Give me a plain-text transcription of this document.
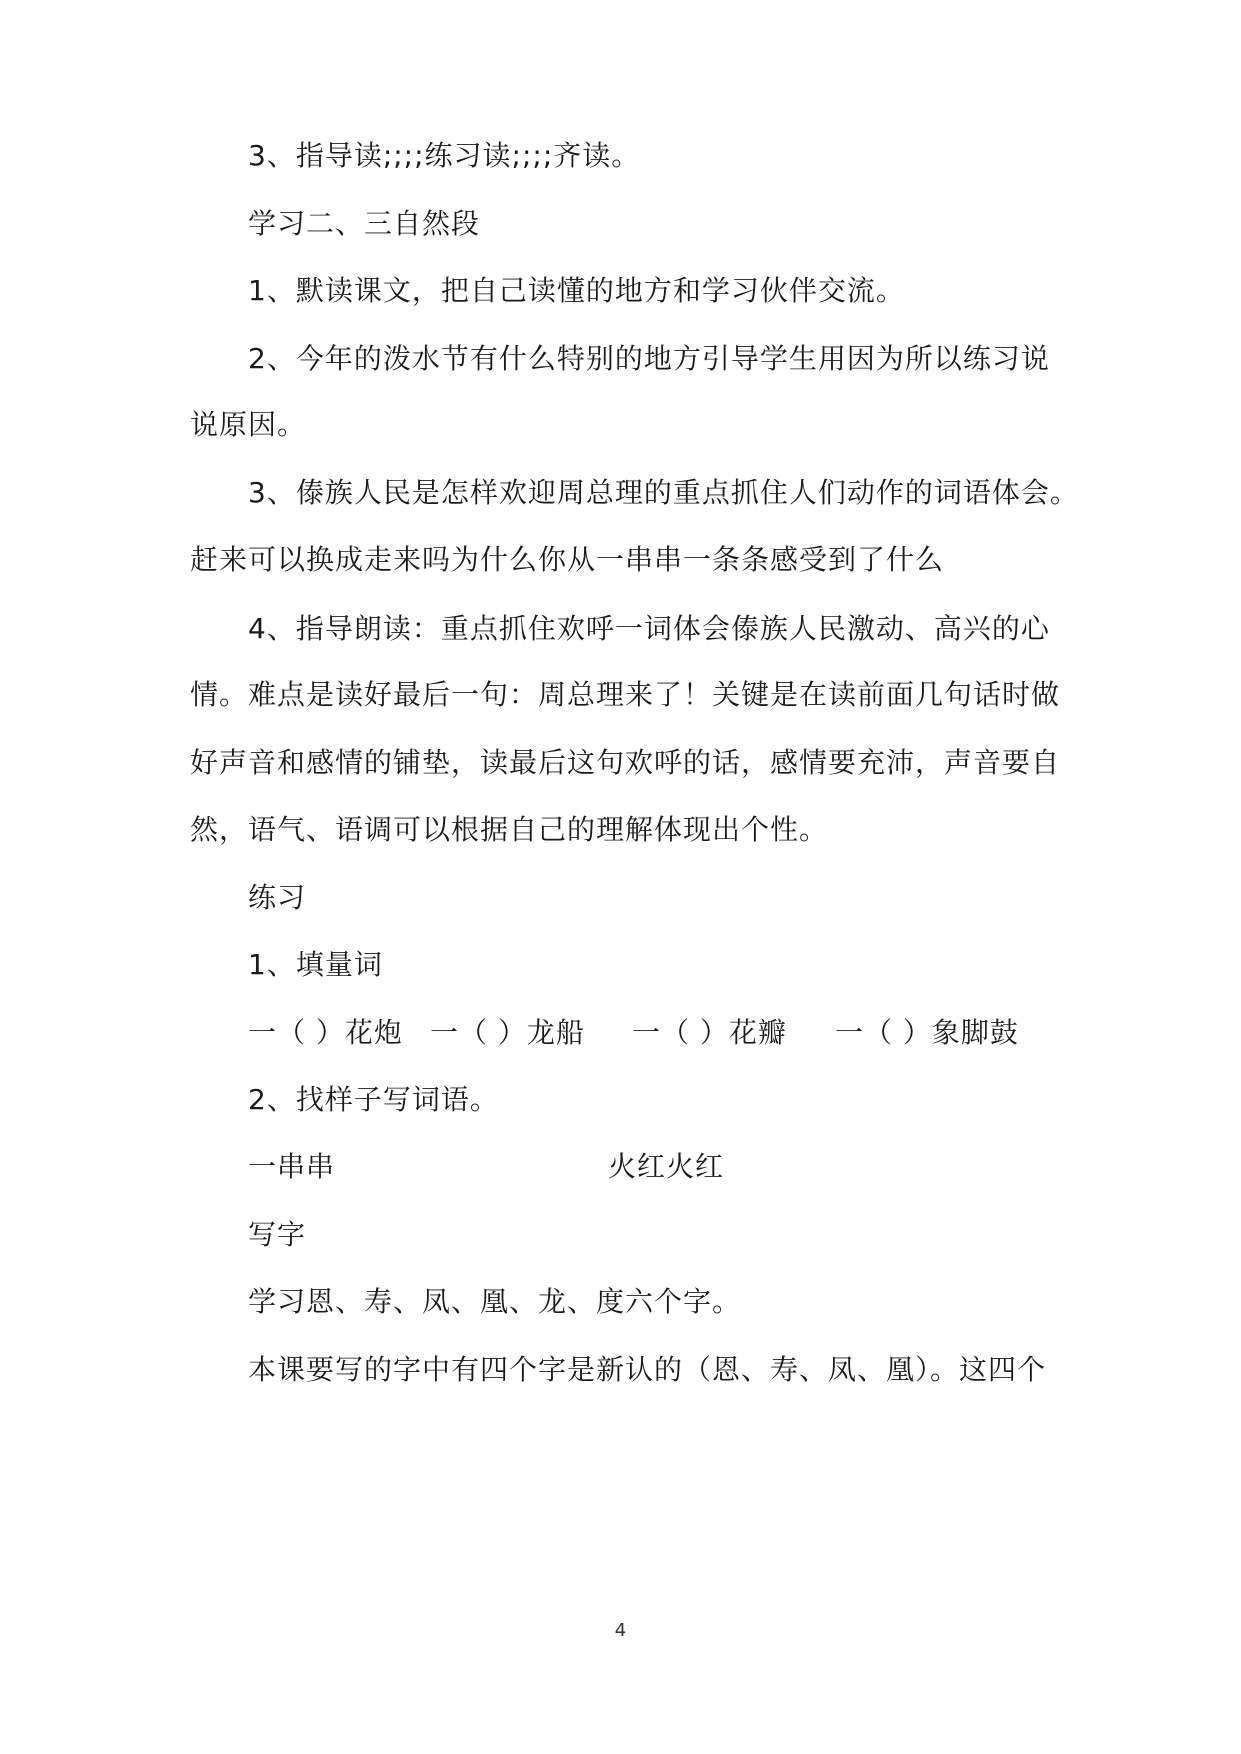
3、指导读;;;;练习读;;;;齐读。
学习二、三自然段
1、默读课文，把自己读懂的地方和学习伙伴交流。
2、今年的泼水节有什么特别的地方引导学生用因为所以练习说
说原因。
3、傣族人民是怎样欢迎周总理的重点抓住人们动作的词语体会。
赶来可以换成走来吗为什么你从一串串一条条感受到了什么
4、指导朗读：重点抓住欢呼一词体会傣族人民激动、高兴的心
情。难点是读好最后一句：周总理来了！关键是在读前面几句话时做
好声音和感情的铺垫，读最后这句欢呼的话，感情要充沛，声音要自
然，语气、语调可以根据自己的理解体现出个性。
练习
1、填量词
一（ ）花炮 一（ ）龙船 一（ ）花瓣 一（ ）象脚鼓
2、找样子写词语。
一串串	火红火红
写字
学习恩、寿、凤、凰、龙、度六个字。
本课要写的字中有四个字是新认的（恩、寿、凤、凰）。这四个
4
